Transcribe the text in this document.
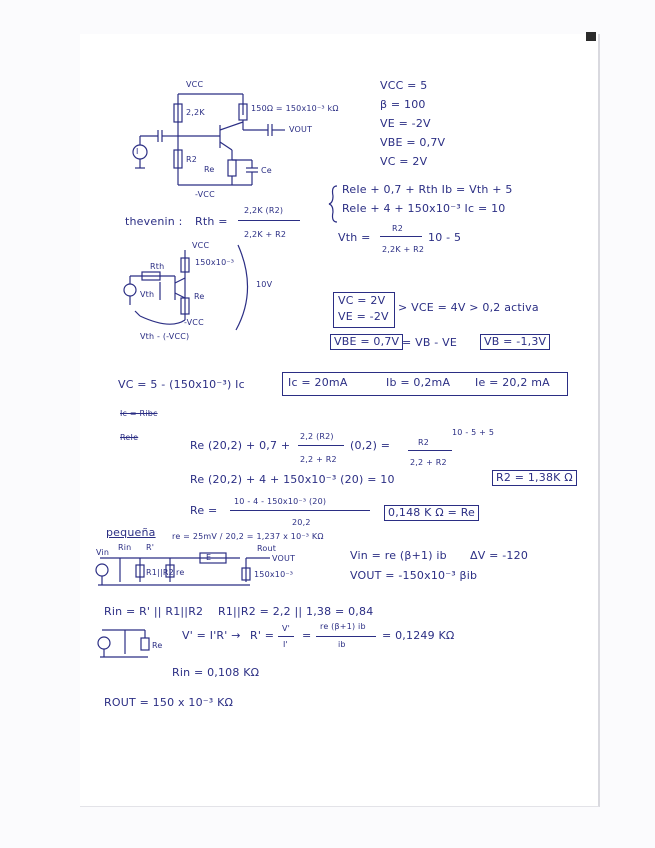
VCC
2,2K	150Ω = 150x10⁻³ kΩ
VOUT
R2
Re	Ce
I
-VCC
VCC = 5
β = 100
VE = -2V
VBE = 0,7V
VC = 2V
ReIe + 0,7 + Rth Ib = Vth + 5
ReIe + 4 + 150x10⁻³ Ic = 10
Vth =
R2
2,2K + R2
10 - 5
thevenin : Rth =
2,2K (R2)
2,2K + R2
VCC
150x10⁻³
Rth
Vth	Re
-VCC
Vth - (-VCC)
10V
VC = 2V
VE = -2V
> VCE = 4V > 0,2 activa
VBE = 0,7V = VB - VE	VB = -1,3V
VC = 5 - (150x10⁻³) Ic	Ic = 20mA	Ib = 0,2mA Ie = 20,2 mA
Ic = Ribc
ReIe
Re (20,2) + 0,7 +
2,2 (R2)
2,2 + R2
(0,2) =
10 - 5 + 5
R2
2,2 + R2
Re (20,2) + 4 + 150x10⁻³ (20) = 10	R2 = 1,38K Ω
Re =
10 - 4 - 150x10⁻³ (20)
20,2
0,148 K Ω = Re
pequeña re = 25mV / 20,2 = 1,237 x 10⁻³ KΩ
Rin R'
Vin
R1||R2 re
E
Rout
VOUT
150x10⁻³
Vin = re (β+1) ib
VOUT = -150x10⁻³ βib
ΔV = -120
Rin = R' || R1||R2 R1||R2 = 2,2 || 1,38 = 0,84
Re
V' = I'R' → R' =
V'
I'
=
re (β+1) ib
ib
= 0,1249 KΩ
Rin = 0,108 KΩ
ROUT = 150 x 10⁻³ KΩ
